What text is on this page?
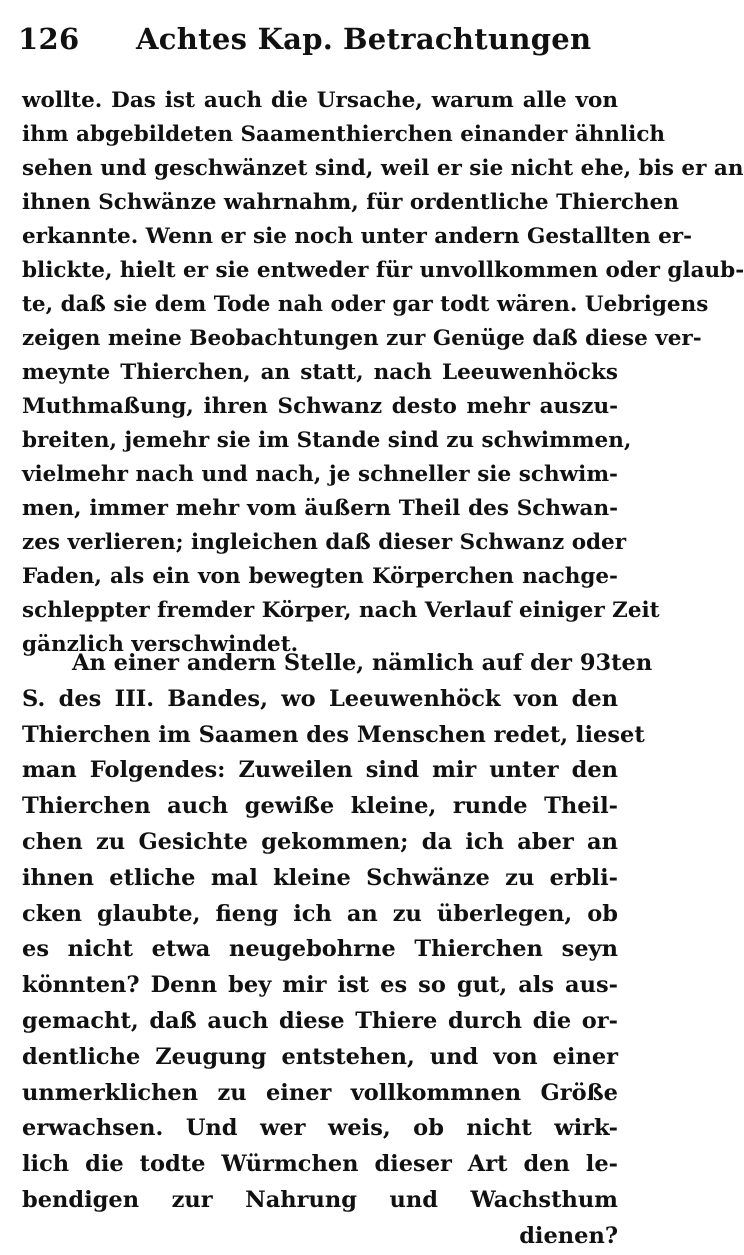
126 Achtes Kap. Betrachtungen
wollte. Das ist auch die Ursache, warum alle von
ihm abgebildeten Saamenthierchen einander ähnlich
sehen und geschwänzet sind, weil er sie nicht ehe, bis er an
ihnen Schwänze wahrnahm, für ordentliche Thierchen
erkannte. Wenn er sie noch unter andern Gestallten er-
blickte, hielt er sie entweder für unvollkommen oder glaub-
te, daß sie dem Tode nah oder gar todt wären. Uebrigens
zeigen meine Beobachtungen zur Genüge daß diese ver-
meynte Thierchen, an statt, nach Leeuwenhöcks
Muthmaßung, ihren Schwanz desto mehr auszu-
breiten, jemehr sie im Stande sind zu schwimmen,
vielmehr nach und nach, je schneller sie schwim-
men, immer mehr vom äußern Theil des Schwan-
zes verlieren; ingleichen daß dieser Schwanz oder
Faden, als ein von bewegten Körperchen nachge-
schleppter fremder Körper, nach Verlauf einiger Zeit
gänzlich verschwindet.
An einer andern Stelle, nämlich auf der 93ten
S. des III. Bandes, wo Leeuwenhöck von den
Thierchen im Saamen des Menschen redet, lieset
man Folgendes: Zuweilen sind mir unter den
Thierchen auch gewiße kleine, runde Theil-
chen zu Gesichte gekommen; da ich aber an
ihnen etliche mal kleine Schwänze zu erbli-
cken glaubte, fieng ich an zu überlegen, ob
es nicht etwa neugebohrne Thierchen seyn
könnten? Denn bey mir ist es so gut, als aus-
gemacht, daß auch diese Thiere durch die or-
dentliche Zeugung entstehen, und von einer
unmerklichen zu einer vollkommnen Größe
erwachsen. Und wer weis, ob nicht wirk-
lich die todte Würmchen dieser Art den le-
bendigen zur Nahrung und Wachsthum
dienen?
